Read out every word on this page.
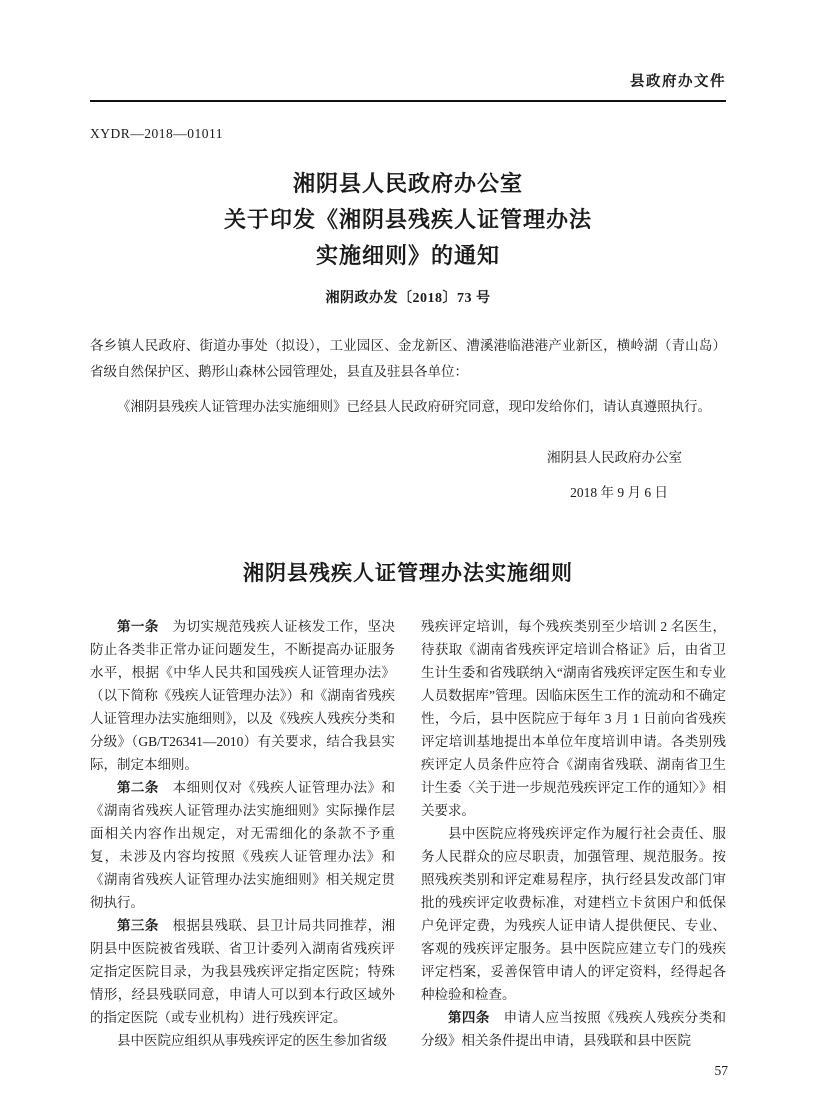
县政府办文件
XYDR—2018—01011
湘阴县人民政府办公室
关于印发《湘阴县残疾人证管理办法
实施细则》的通知
湘阴政办发〔2018〕73 号

各乡镇人民政府、街道办事处（拟设），工业园区、金龙新区、漕溪港临港港产业新区，横岭湖（青山岛）省级自然保护区、鹅形山森林公园管理处，县直及驻县各单位：

《湘阴县残疾人证管理办法实施细则》已经县人民政府研究同意，现印发给你们，请认真遵照执行。

湘阴县人民政府办公室
2018 年 9 月 6 日
湘阴县残疾人证管理办法实施细则

第一条　为切实规范残疾人证核发工作，坚决防止各类非正常办证问题发生，不断提高办证服务水平，根据《中华人民共和国残疾人证管理办法》（以下简称《残疾人证管理办法》）和《湖南省残疾人证管理办法实施细则》，以及《残疾人残疾分类和分级》（GB/T26341—2010）有关要求，结合我县实际，制定本细则。

第二条　本细则仅对《残疾人证管理办法》和《湖南省残疾人证管理办法实施细则》实际操作层面相关内容作出规定，对无需细化的条款不予重复，未涉及内容均按照《残疾人证管理办法》和《湖南省残疾人证管理办法实施细则》相关规定贯彻执行。

第三条　根据县残联、县卫计局共同推荐，湘阴县中医院被省残联、省卫计委列入湖南省残疾评定指定医院目录，为我县残疾评定指定医院；特殊情形，经县残联同意，申请人可以到本行政区域外的指定医院（或专业机构）进行残疾评定。

县中医院应组织从事残疾评定的医生参加省级

残疾评定培训，每个残疾类别至少培训 2 名医生，待获取《湖南省残疾评定培训合格证》后，由省卫生计生委和省残联纳入“湖南省残疾评定医生和专业人员数据库”管理。因临床医生工作的流动和不确定性，今后，县中医院应于每年 3 月 1 日前向省残疾评定培训基地提出本单位年度培训申请。各类别残疾评定人员条件应符合《湖南省残联、湖南省卫生计生委〈关于进一步规范残疾评定工作的通知〉》相关要求。

县中医院应将残疾评定作为履行社会责任、服务人民群众的应尽职责，加强管理、规范服务。按照残疾类别和评定难易程序，执行经县发改部门审批的残疾评定收费标准，对建档立卡贫困户和低保户免评定费，为残疾人证申请人提供便民、专业、客观的残疾评定服务。县中医院应建立专门的残疾评定档案，妥善保管申请人的评定资料，经得起各种检验和检查。

第四条　申请人应当按照《残疾人残疾分类和分级》相关条件提出申请，县残联和县中医院

57
